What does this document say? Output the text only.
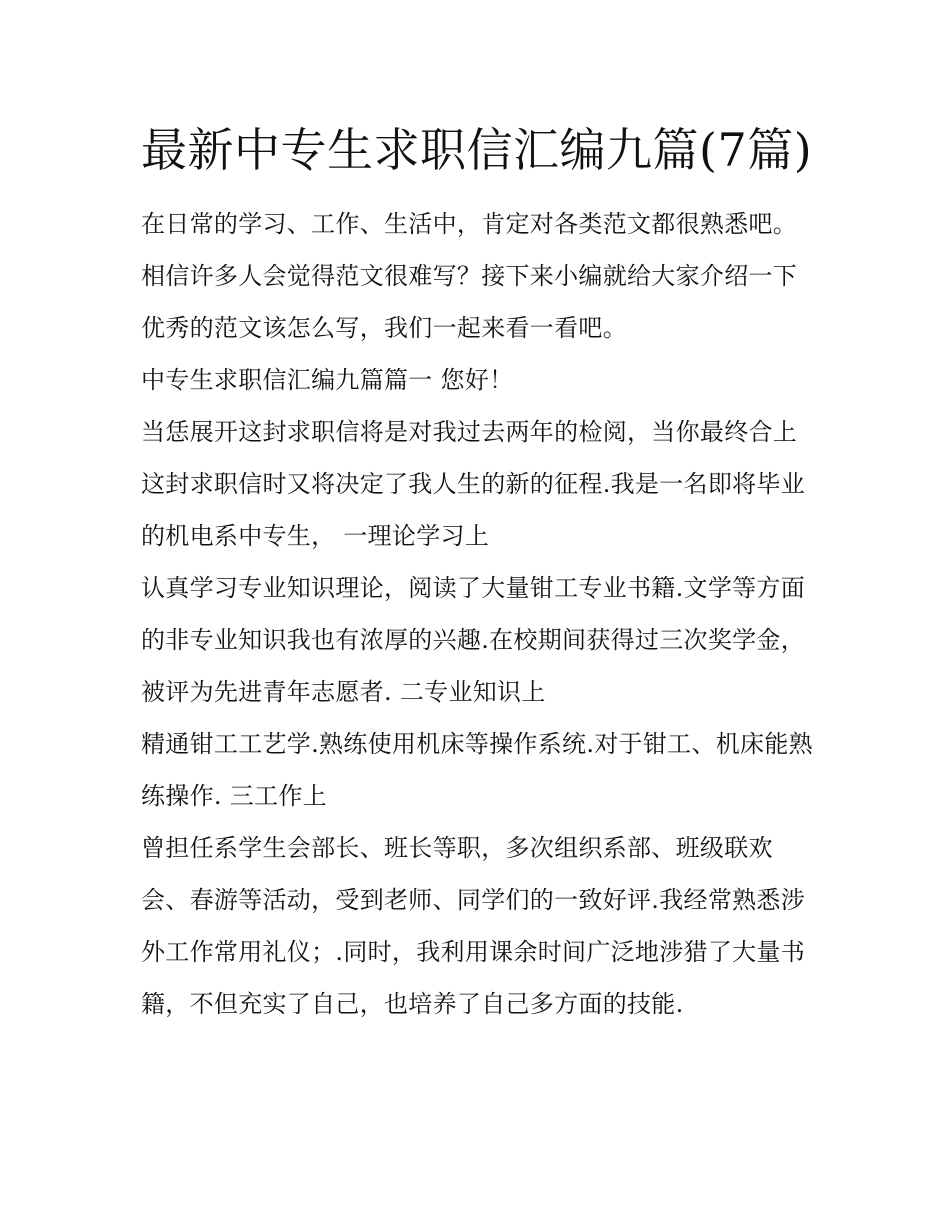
最新中专生求职信汇编九篇(7篇)

在日常的学习、工作、生活中，肯定对各类范文都很熟悉吧。相信许多人会觉得范文很难写？接下来小编就给大家介绍一下优秀的范文该怎么写，我们一起来看一看吧。

中专生求职信汇编九篇篇一 您好！

当恁展开这封求职信将是对我过去两年的检阅，当你最终合上这封求职信时又将决定了我人生的新的征程.我是一名即将毕业的机电系中专生， 一理论学习上

认真学习专业知识理论，阅读了大量钳工专业书籍.文学等方面的非专业知识我也有浓厚的兴趣.在校期间获得过三次奖学金，被评为先进青年志愿者. 二专业知识上

精通钳工工艺学.熟练使用机床等操作系统.对于钳工、机床能熟练操作. 三工作上

曾担任系学生会部长、班长等职，多次组织系部、班级联欢会、春游等活动，受到老师、同学们的一致好评.我经常熟悉涉外工作常用礼仪；.同时，我利用课余时间广泛地涉猎了大量书籍，不但充实了自己，也培养了自己多方面的技能.
